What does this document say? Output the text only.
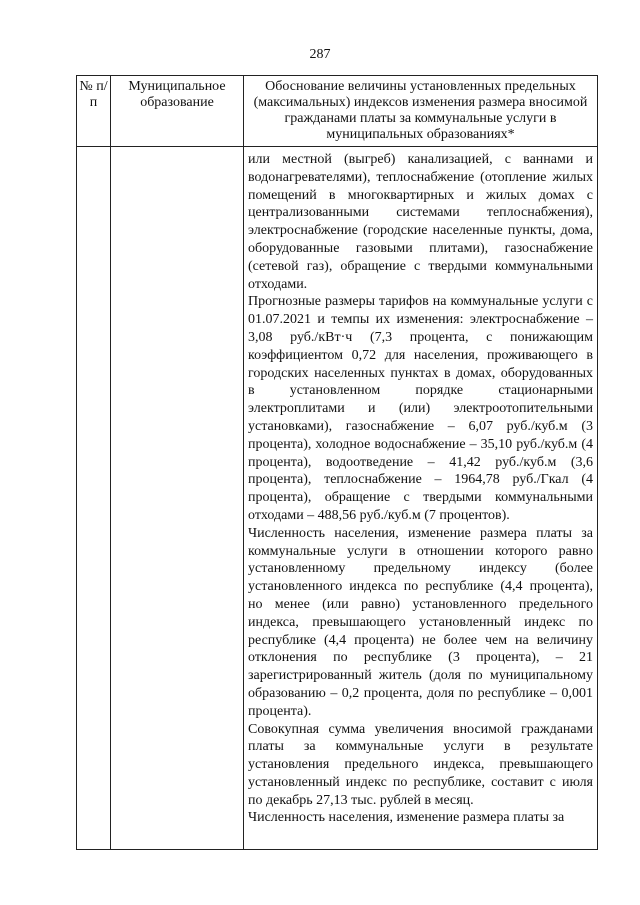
287
№ п/п	Муниципальное образование	Обоснование величины установленных предельных (максимальных) индексов изменения размера вносимой гражданами платы за коммунальные услуги в муниципальных образованиях*

		или местной (выгреб) канализацией, с ваннами и водонагревателями), теплоснабжение (отопление жилых помещений в многоквартирных и жилых домах с централизованными системами теплоснабжения), электроснабжение (городские населенные пункты, дома, оборудованные газовыми плитами), газоснабжение (сетевой газ), обращение с твердыми коммунальными отходами.

Прогнозные размеры тарифов на коммунальные услуги с 01.07.2021 и темпы их изменения: электроснабжение – 3,08 руб./кВт·ч (7,3 процента, с понижающим коэффициентом 0,72 для населения, проживающего в городских населенных пунктах в домах, оборудованных в установленном порядке стационарными электроплитами и (или) электроотопительными установками), газоснабжение – 6,07 руб./куб.м (3 процента), холодное водоснабжение – 35,10 руб./куб.м (4 процента), водоотведение – 41,42 руб./куб.м (3,6 процента), теплоснабжение – 1964,78 руб./Гкал (4 процента), обращение с твердыми коммунальными отходами – 488,56 руб./куб.м (7 процентов).

Численность населения, изменение размера платы за коммунальные услуги в отношении которого равно установленному предельному индексу (более установленного индекса по республике (4,4 процента), но менее (или равно) установленного предельного индекса, превышающего установленный индекс по республике (4,4 процента) не более чем на величину отклонения по республике (3 процента), – 21 зарегистрированный житель (доля по муниципальному образованию – 0,2 процента, доля по республике – 0,001 процента).

Совокупная сумма увеличения вносимой гражданами платы за коммунальные услуги в результате установления предельного индекса, превышающего установленный индекс по республике, составит с июля по декабрь 27,13 тыс. рублей в месяц.

Численность населения, изменение размера платы за
